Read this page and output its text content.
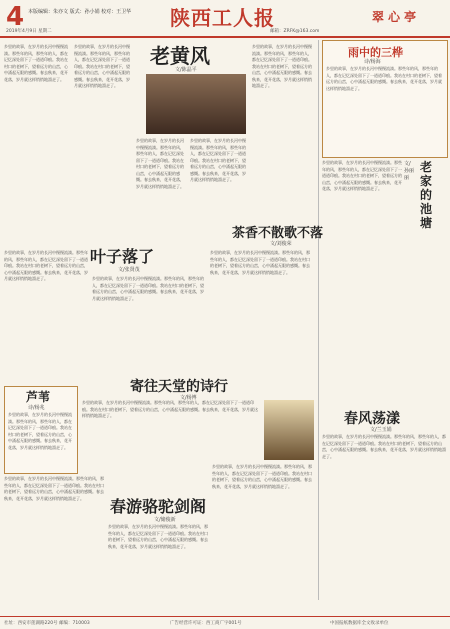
4 本版编辑：朱亦文 版式：孙小娟 校对：王卫华
2019年4月9日 星期二
陕西工人报	翠心亭
邮箱：ZRFK@163.com
乡里的故事，在岁月的长河中慢慢流淌。那些年的风，那些年的人，都在记忆深处留下了一道道印痕。我站在村口的老树下，望着远方的山峦，心中涌起无限的感慨。春去秋来，花开花落，岁月就这样悄悄地溜走了。
乡里的故事，在岁月的长河中慢慢流淌。那些年的风，那些年的人，都在记忆深处留下了一道道印痕。我站在村口的老树下，望着远方的山峦，心中涌起无限的感慨。春去秋来，花开花落，岁月就这样悄悄地溜走了。
老黄风
文/陈晶平
乡里的故事，在岁月的长河中慢慢流淌。那些年的风，那些年的人，都在记忆深处留下了一道道印痕。我站在村口的老树下，望着远方的山峦，心中涌起无限的感慨。春去秋来，花开花落，岁月就这样悄悄地溜走了。
乡里的故事，在岁月的长河中慢慢流淌。那些年的风，那些年的人，都在记忆深处留下了一道道印痕。我站在村口的老树下，望着远方的山峦，心中涌起无限的感慨。春去秋来，花开花落，岁月就这样悄悄地溜走了。
乡里的故事，在岁月的长河中慢慢流淌。那些年的风，那些年的人，都在记忆深处留下了一道道印痕。我站在村口的老树下，望着远方的山峦，心中涌起无限的感慨。春去秋来，花开花落，岁月就这样悄悄地溜走了。
雨中的三桦
诗/杨海
乡里的故事，在岁月的长河中慢慢流淌。那些年的风，那些年的人，都在记忆深处留下了一道道印痕。我站在村口的老树下，望着远方的山峦，心中涌起无限的感慨。春去秋来，花开花落，岁月就这样悄悄地溜走了。
茶香不散歌不落
文/刘俊荣
乡里的故事，在岁月的长河中慢慢流淌。那些年的风，那些年的人，都在记忆深处留下了一道道印痕。我站在村口的老树下，望着远方的山峦，心中涌起无限的感慨。春去秋来，花开花落，岁月就这样悄悄地溜走了。
老家的池塘
文/孙丽丽
乡里的故事，在岁月的长河中慢慢流淌。那些年的风，那些年的人，都在记忆深处留下了一道道印痕。我站在村口的老树下，望着远方的山峦，心中涌起无限的感慨。春去秋来，花开花落，岁月就这样悄悄地溜走了。
叶子落了
文/张贤茂
乡里的故事，在岁月的长河中慢慢流淌。那些年的风，那些年的人，都在记忆深处留下了一道道印痕。我站在村口的老树下，望着远方的山峦，心中涌起无限的感慨。春去秋来，花开花落，岁月就这样悄悄地溜走了。	乡里的故事，在岁月的长河中慢慢流淌。那些年的风，那些年的人，都在记忆深处留下了一道道印痕。我站在村口的老树下，望着远方的山峦，心中涌起无限的感慨。春去秋来，花开花落，岁月就这样悄悄地溜走了。
芦苇
诗/杨兆
乡里的故事，在岁月的长河中慢慢流淌。那些年的风，那些年的人，都在记忆深处留下了一道道印痕。我站在村口的老树下，望着远方的山峦，心中涌起无限的感慨。春去秋来，花开花落，岁月就这样悄悄地溜走了。
寄往天堂的诗行
文/杨博
乡里的故事，在岁月的长河中慢慢流淌。那些年的风，那些年的人，都在记忆深处留下了一道道印痕。我站在村口的老树下，望着远方的山峦，心中涌起无限的感慨。春去秋来，花开花落，岁月就这样悄悄地溜走了。
春游骆驼剑阁
文/储俊新
乡里的故事，在岁月的长河中慢慢流淌。那些年的风，那些年的人，都在记忆深处留下了一道道印痕。我站在村口的老树下，望着远方的山峦，心中涌起无限的感慨。春去秋来，花开花落，岁月就这样悄悄地溜走了。
乡里的故事，在岁月的长河中慢慢流淌。那些年的风，那些年的人，都在记忆深处留下了一道道印痕。我站在村口的老树下，望着远方的山峦，心中涌起无限的感慨。春去秋来，花开花落，岁月就这样悄悄地溜走了。
乡里的故事，在岁月的长河中慢慢流淌。那些年的风，那些年的人，都在记忆深处留下了一道道印痕。我站在村口的老树下，望着远方的山峦，心中涌起无限的感慨。春去秋来，花开花落，岁月就这样悄悄地溜走了。
春风荡漾
文/兰玉娟
乡里的故事，在岁月的长河中慢慢流淌。那些年的风，那些年的人，都在记忆深处留下了一道道印痕。我站在村口的老树下，望着远方的山峦，心中涌起无限的感慨。春去秋来，花开花落，岁月就这样悄悄地溜走了。
社址：西安市莲湖路220号 邮编：710003	广告经营许可证：西工商广字001号	中国报纸数据库全文收录单位
